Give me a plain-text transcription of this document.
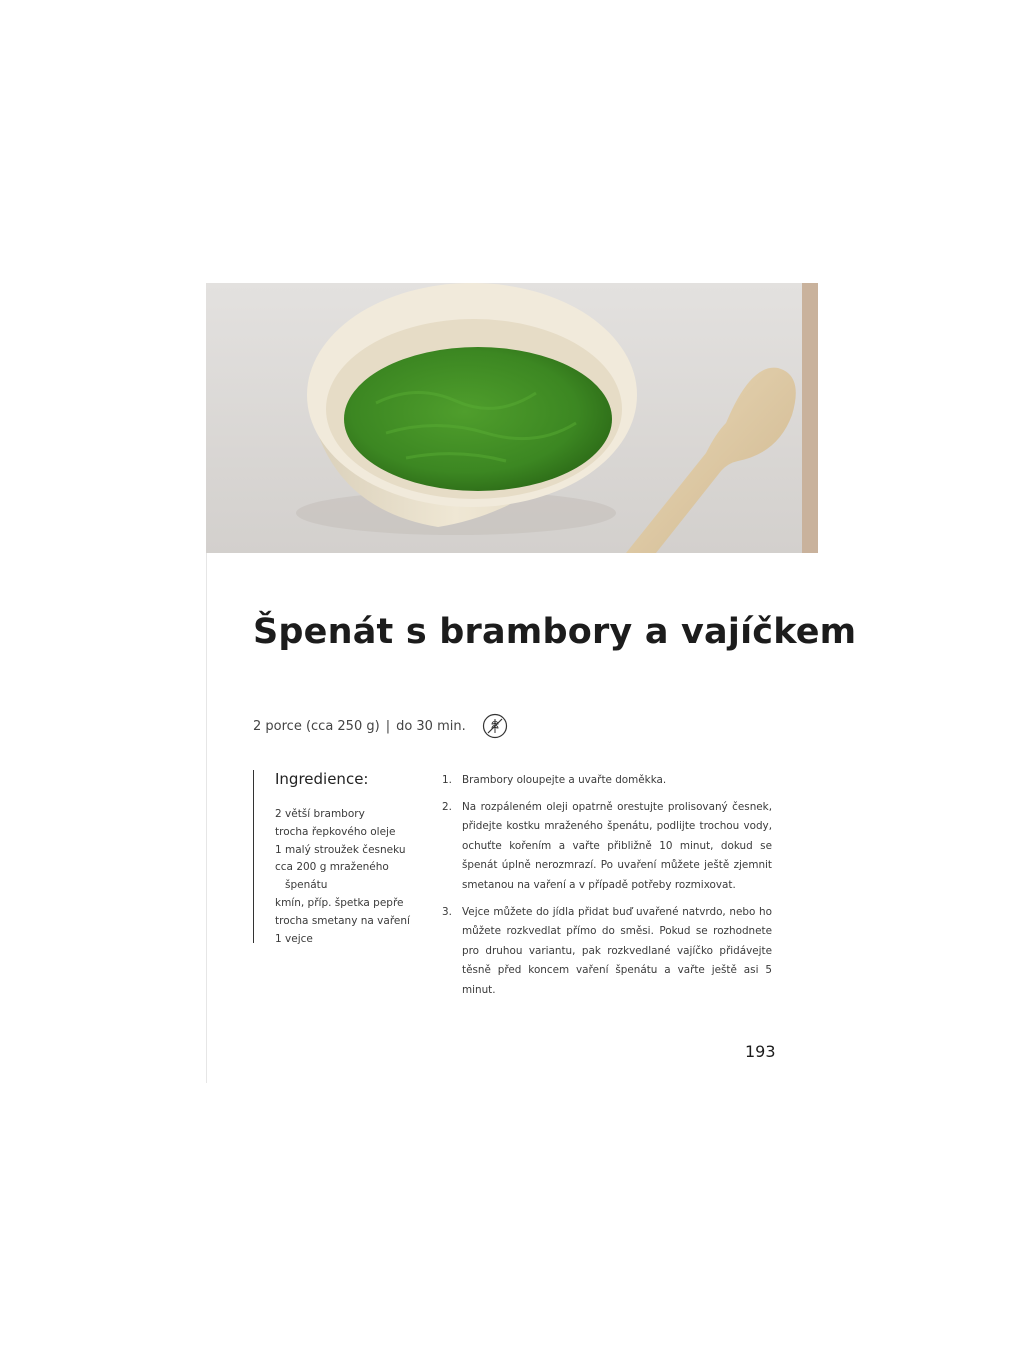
Špenát s brambory a vajíčkem
2 porce (cca 250 g) | do 30 min.
Ingredience:
2 větší brambory
trocha řepkového oleje
1 malý stroužek česneku
cca 200 g mraženého
špenátu
kmín, příp. špetka pepře
trocha smetany na vaření
1 vejce
1. Brambory oloupejte a uvařte doměkka.
2. Na rozpáleném oleji opatrně orestujte prolisovaný česnek, přidejte kostku mraženého špenátu, podlijte trochou vody, ochuťte kořením a vařte přibližně 10 minut, dokud se špenát úplně nerozmrazí. Po uvaření můžete ještě zjemnit smetanou na vaření a v případě potřeby rozmixovat.
3. Vejce můžete do jídla přidat buď uvařené natvrdo, nebo ho můžete rozkvedlat přímo do směsi. Pokud se rozhodnete pro druhou variantu, pak rozkvedlané vajíčko přidávejte těsně před koncem vaření špenátu a vařte ještě asi 5 minut.
193
